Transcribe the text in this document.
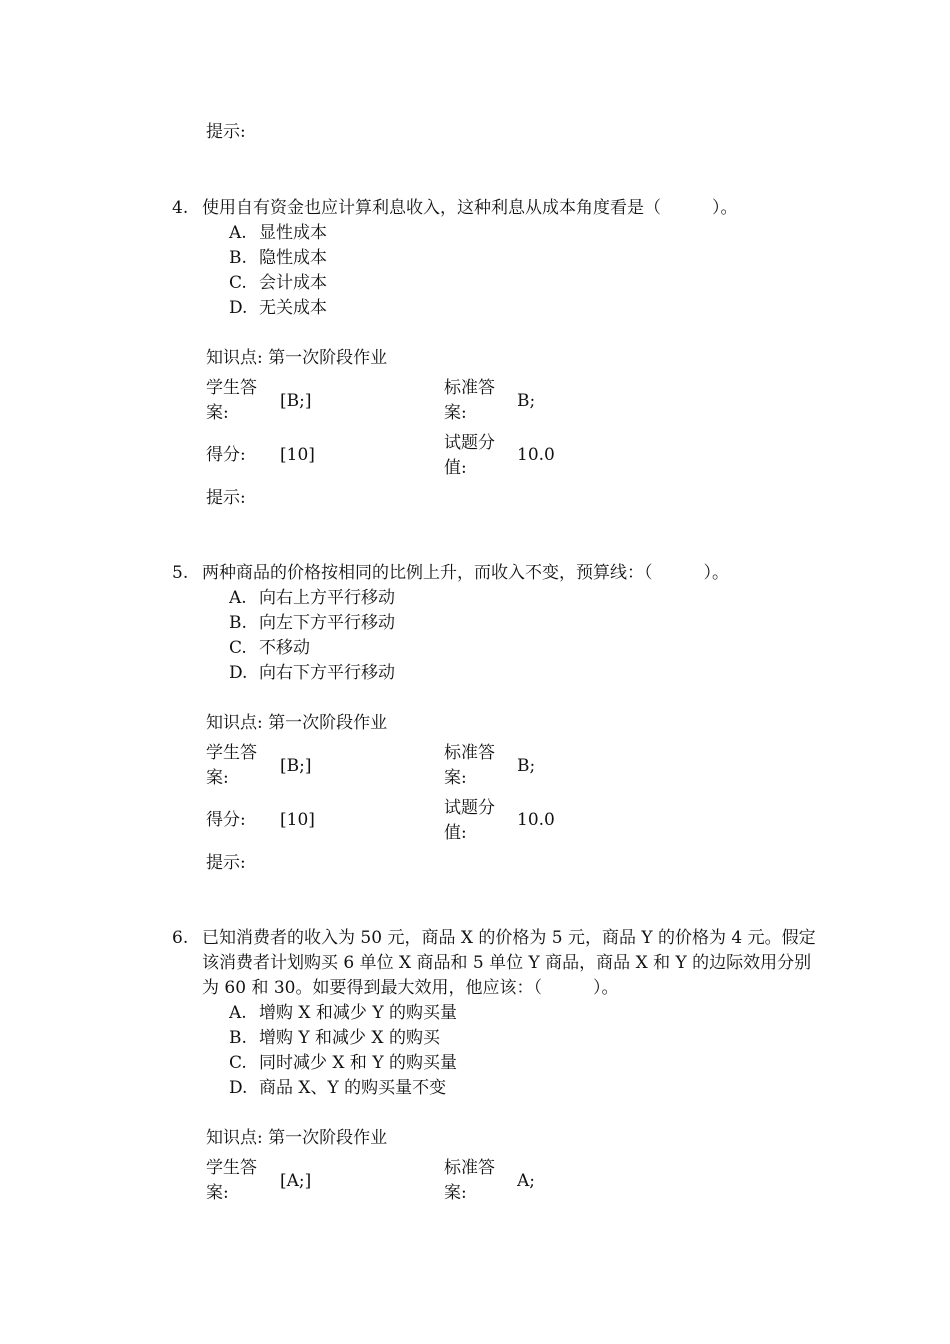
提示:
4. 使用自有资金也应计算利息收入，这种利息从成本角度看是（　　　）。
A. 显性成本
B. 隐性成本
C. 会计成本
D. 无关成本
知识点: 第一次阶段作业
学生答案:
[B;]
标准答案:
B;
得分:	[10]
试题分值:
10.0
提示:
5. 两种商品的价格按相同的比例上升，而收入不变，预算线：（　　　）。
A. 向右上方平行移动
B. 向左下方平行移动
C. 不移动
D. 向右下方平行移动
知识点: 第一次阶段作业
学生答案:
[B;]
标准答案:
B;
得分:	[10]
试题分值:
10.0
提示:
6. 已知消费者的收入为 50 元，商品 X 的价格为 5 元，商品 Y 的价格为 4 元。假定该消费者计划购买 6 单位 X 商品和 5 单位 Y 商品，商品 X 和 Y 的边际效用分别为 60 和 30。如要得到最大效用，他应该：（　　　）。
A. 增购 X 和减少 Y 的购买量
B. 增购 Y 和减少 X 的购买
C. 同时减少 X 和 Y 的购买量
D. 商品 X、Y 的购买量不变
知识点: 第一次阶段作业
学生答案:
[A;]
标准答案:
A;
